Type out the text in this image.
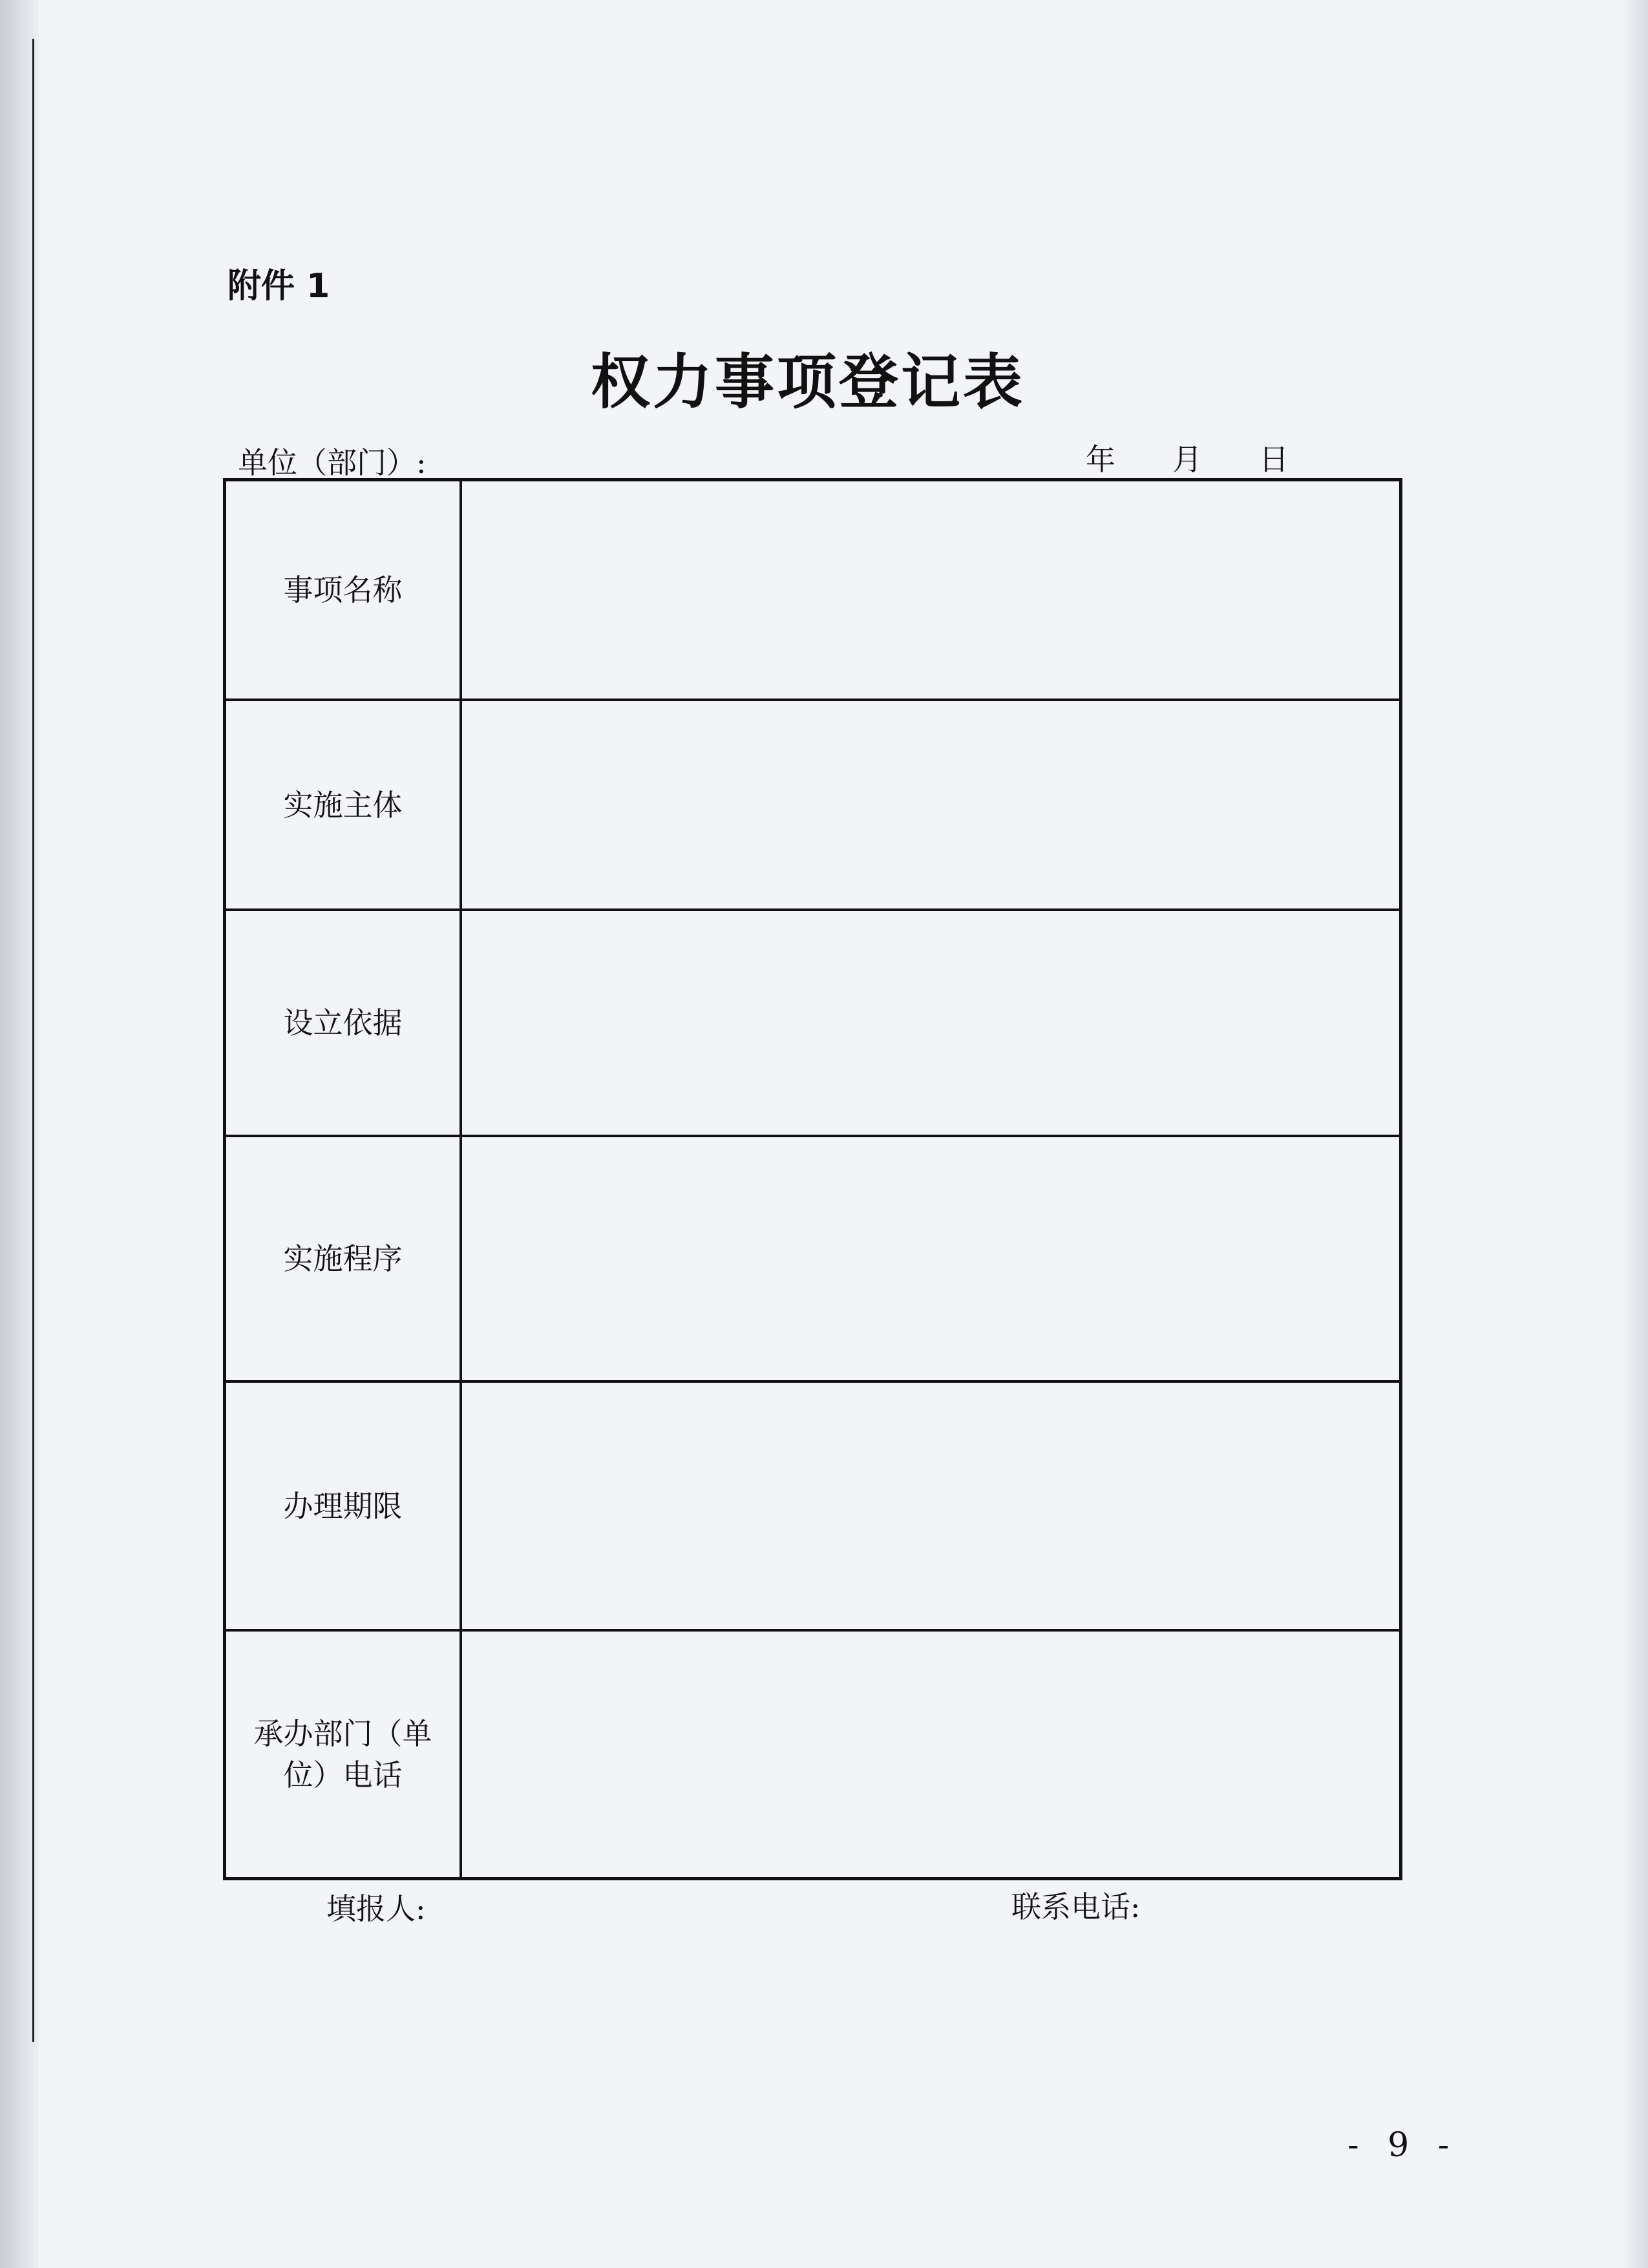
附件 1
权力事项登记表
单位（部门）:	年 月 日
事项名称
实施主体
设立依据
实施程序
办理期限
承办部门（单位）电话
填报人:	联系电话:
- 9 -
